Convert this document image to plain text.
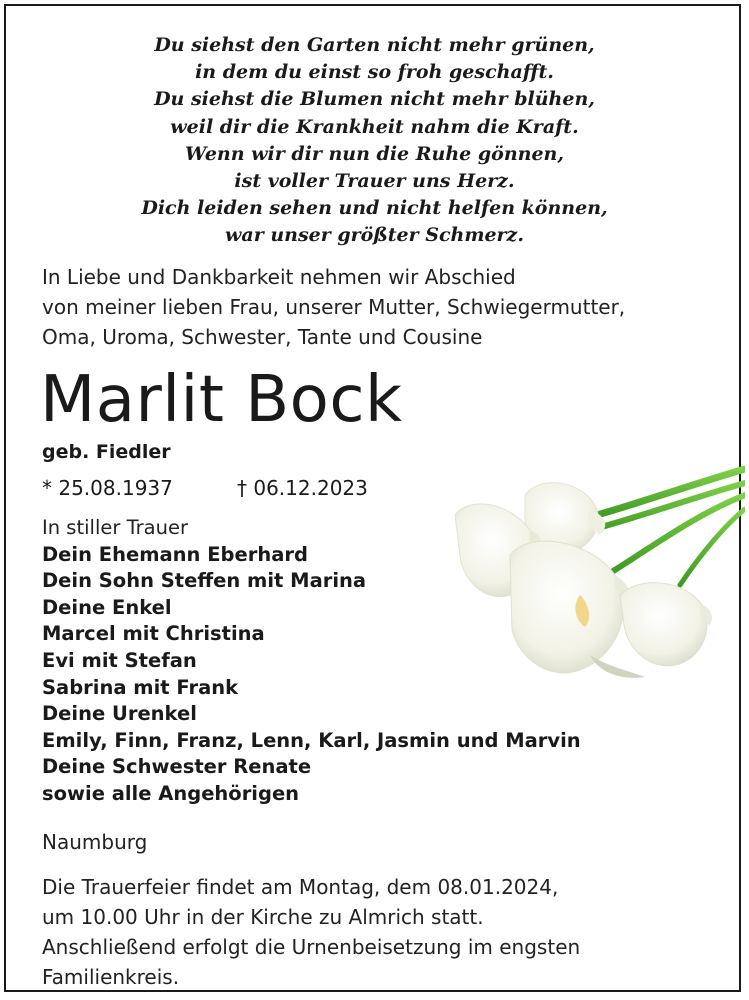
Du siehst den Garten nicht mehr grünen,
in dem du einst so froh geschafft.
Du siehst die Blumen nicht mehr blühen,
weil dir die Krankheit nahm die Kraft.
Wenn wir dir nun die Ruhe gönnen,
ist voller Trauer uns Herz.
Dich leiden sehen und nicht helfen können,
war unser größter Schmerz.
In Liebe und Dankbarkeit nehmen wir Abschied
von meiner lieben Frau, unserer Mutter, Schwiegermutter,
Oma, Uroma, Schwester, Tante und Cousine
Marlit Bock
geb. Fiedler
* 25.08.1937	† 06.12.2023
In stiller Trauer
Dein Ehemann Eberhard
Dein Sohn Steffen mit Marina
Deine Enkel
Marcel mit Christina
Evi mit Stefan
Sabrina mit Frank
Deine Urenkel
Emily, Finn, Franz, Lenn, Karl, Jasmin und Marvin
Deine Schwester Renate
sowie alle Angehörigen
Naumburg
Die Trauerfeier findet am Montag, dem 08.01.2024,
um 10.00 Uhr in der Kirche zu Almrich statt.
Anschließend erfolgt die Urnenbeisetzung im engsten
Familienkreis.
